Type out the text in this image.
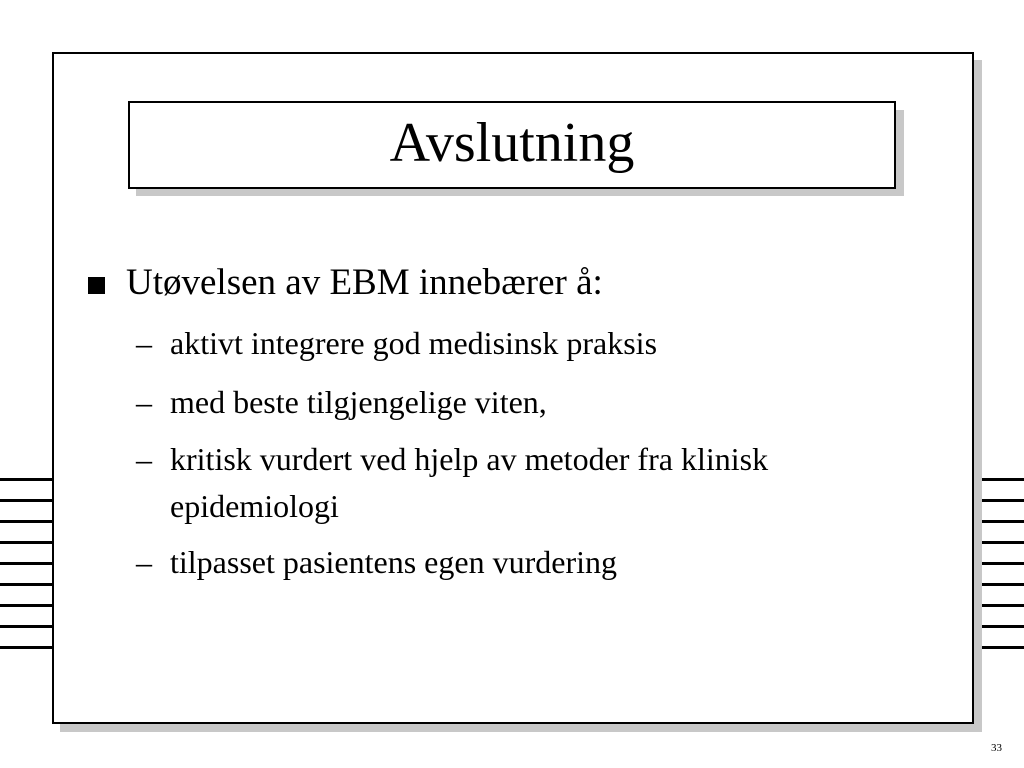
Avslutning
Utøvelsen av EBM innebærer å:
– aktivt integrere god medisinsk praksis
– med beste tilgjengelige viten,
– kritisk vurdert ved hjelp av metoder fra klinisk
epidemiologi
– tilpasset pasientens egen vurdering
33
